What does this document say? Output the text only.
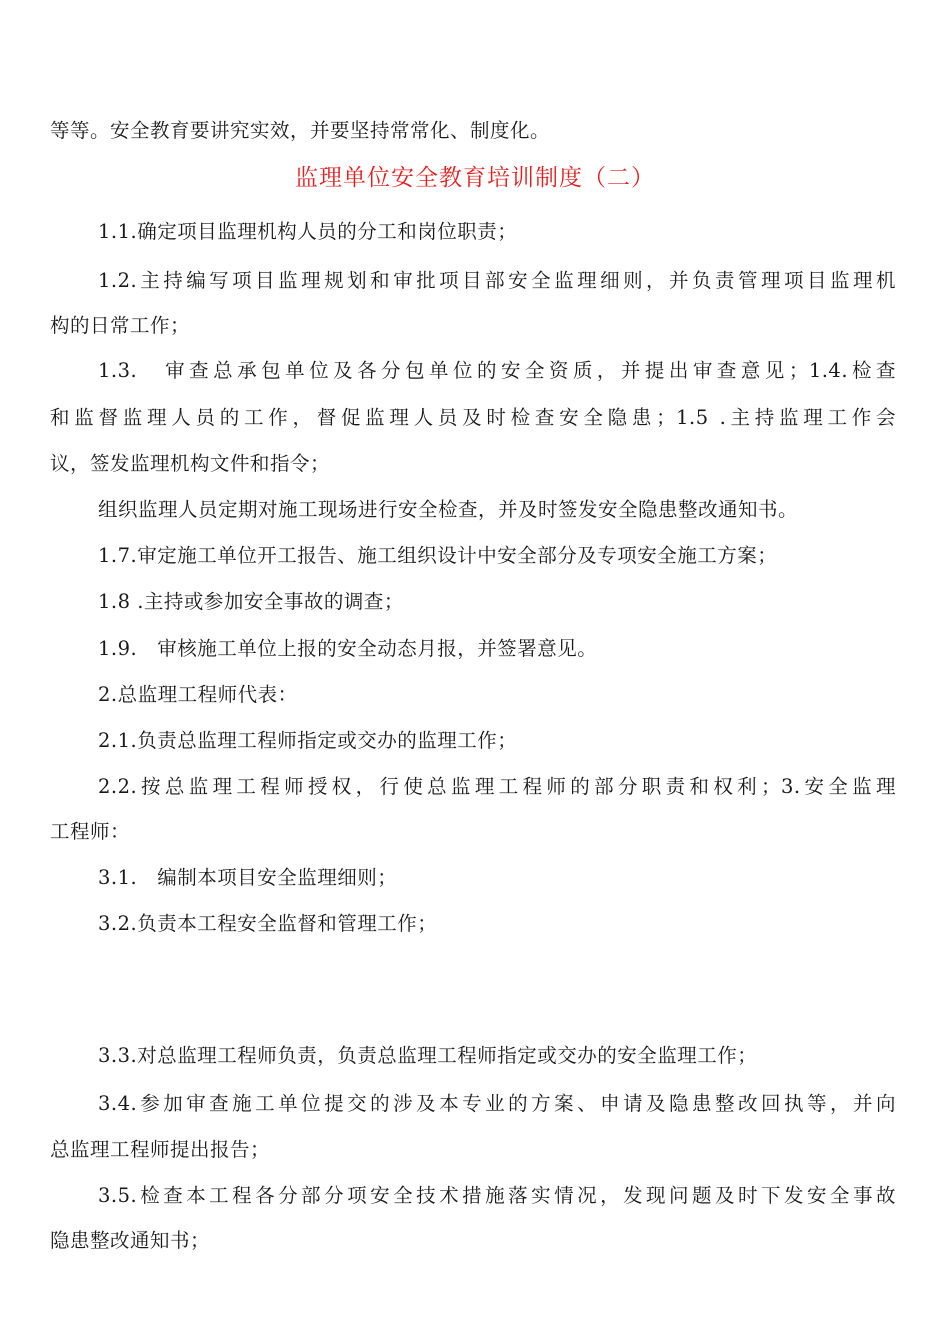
等等。安全教育要讲究实效，并要坚持常常化、制度化。
监理单位安全教育培训制度（二）
1.1.确定项目监理机构人员的分工和岗位职责；
1.2.主持编写项目监理规划和审批项目部安全监理细则，并负责管理项目监理机
构的日常工作；
1.3.　审查总承包单位及各分包单位的安全资质，并提出审查意见；1.4.检查
和监督监理人员的工作，督促监理人员及时检查安全隐患；1.5 .主持监理工作会
议，签发监理机构文件和指令；
组织监理人员定期对施工现场进行安全检查，并及时签发安全隐患整改通知书。
1.7.审定施工单位开工报告、施工组织设计中安全部分及专项安全施工方案；
1.8 .主持或参加安全事故的调查；
1.9.　审核施工单位上报的安全动态月报，并签署意见。
2.总监理工程师代表：
2.1.负责总监理工程师指定或交办的监理工作；
2.2.按总监理工程师授权，行使总监理工程师的部分职责和权利；3.安全监理
工程师：
3.1.　编制本项目安全监理细则；
3.2.负责本工程安全监督和管理工作；
3.3.对总监理工程师负责，负责总监理工程师指定或交办的安全监理工作；
3.4.参加审查施工单位提交的涉及本专业的方案、申请及隐患整改回执等，并向
总监理工程师提出报告；
3.5.检查本工程各分部分项安全技术措施落实情况，发现问题及时下发安全事故
隐患整改通知书；
